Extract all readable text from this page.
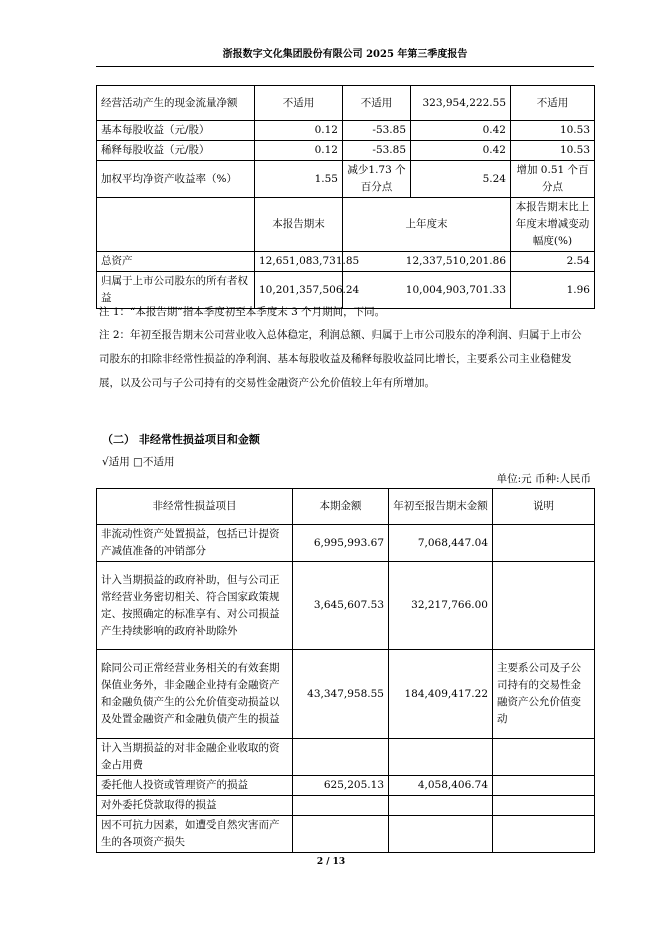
浙报数字文化集团股份有限公司 2025 年第三季度报告
经营活动产生的现金流量净额	不适用	不适用	323,954,222.55	不适用
基本每股收益（元/股）	0.12	-53.85	0.42	10.53
稀释每股收益（元/股）	0.12	-53.85	0.42	10.53
加权平均净资产收益率（%）	1.55	减少1.73 个百分点	5.24	增加 0.51 个百分点
	本报告期末	上年度末		本报告期末比上年度末增减变动幅度(%)
总资产	12,651,083,731.85	12,337,510,201.86		2.54
归属于上市公司股东的所有者权益	10,201,357,506.24	10,004,903,701.33		1.96

注 1：“本报告期”指本季度初至本季度末 3 个月期间，下同。

注 2：年初至报告期末公司营业收入总体稳定，利润总额、归属于上市公司股东的净利润、归属于上市公司股东的扣除非经常性损益的净利润、基本每股收益及稀释每股收益同比增长，主要系公司主业稳健发展，以及公司与子公司持有的交易性金融资产公允价值较上年有所增加。

（二） 非经常性损益项目和金额
√适用 □不适用
单位:元 币种:人民币
非经常性损益项目	本期金额	年初至报告期末金额	说明
非流动性资产处置损益，包括已计提资产减值准备的冲销部分	6,995,993.67	7,068,447.04	
计入当期损益的政府补助，但与公司正常经营业务密切相关、符合国家政策规定、按照确定的标准享有、对公司损益产生持续影响的政府补助除外	3,645,607.53	32,217,766.00	
除同公司正常经营业务相关的有效套期保值业务外，非金融企业持有金融资产和金融负债产生的公允价值变动损益以及处置金融资产和金融负债产生的损益	43,347,958.55	184,409,417.22	主要系公司及子公司持有的交易性金融资产公允价值变动
计入当期损益的对非金融企业收取的资金占用费			
委托他人投资或管理资产的损益	625,205.13	4,058,406.74	
对外委托贷款取得的损益			
因不可抗力因素，如遭受自然灾害而产生的各项资产损失			
2 / 13
